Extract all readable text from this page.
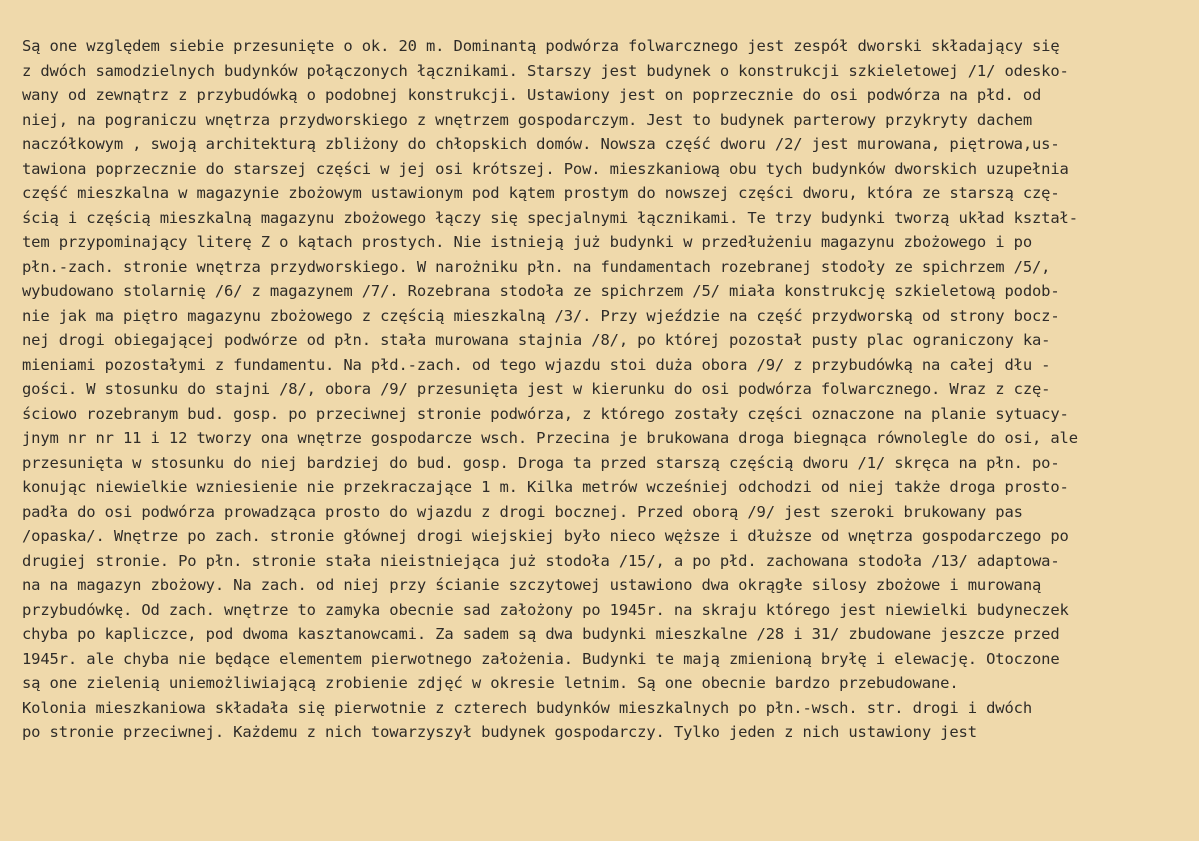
Są one względem siebie przesunięte o ok. 20 m. Dominantą podwórza folwarcznego jest zespół dworski składający się
z dwóch samodzielnych budynków połączonych łącznikami. Starszy jest budynek o konstrukcji szkieletowej /1/ odesko-
wany od zewnątrz z przybudówką o podobnej konstrukcji. Ustawiony jest on poprzecznie do osi podwórza na płd. od
niej, na pograniczu wnętrza przydworskiego z wnętrzem gospodarczym. Jest to budynek parterowy przykryty dachem
naczółkowym , swoją architekturą zbliżony do chłopskich domów. Nowsza część dworu /2/ jest murowana, piętrowa,us-
tawiona poprzecznie do starszej części w jej osi krótszej. Pow. mieszkaniową obu tych budynków dworskich uzupełnia
część mieszkalna w magazynie zbożowym ustawionym pod kątem prostym do nowszej części dworu, która ze starszą czę-
ścią i częścią mieszkalną magazynu zbożowego łączy się specjalnymi łącznikami. Te trzy budynki tworzą układ kształ-
tem przypominający literę Z o kątach prostych. Nie istnieją już budynki w przedłużeniu magazynu zbożowego i po
płn.-zach. stronie wnętrza przydworskiego. W narożniku płn. na fundamentach rozebranej stodoły ze spichrzem /5/,
wybudowano stolarnię /6/ z magazynem /7/. Rozebrana stodoła ze spichrzem /5/ miała konstrukcję szkieletową podob-
nie jak ma piętro magazynu zbożowego z częścią mieszkalną /3/. Przy wjeździe na część przydworską od strony bocz-
nej drogi obiegającej podwórze od płn. stała murowana stajnia /8/, po której pozostał pusty plac ograniczony ka-
mieniami pozostałymi z fundamentu. Na płd.-zach. od tego wjazdu stoi duża obora /9/ z przybudówką na całej dłu -
gości. W stosunku do stajni /8/, obora /9/ przesunięta jest w kierunku do osi podwórza folwarcznego. Wraz z czę-
ściowo rozebranym bud. gosp. po przeciwnej stronie podwórza, z którego zostały części oznaczone na planie sytuacy-
jnym nr nr 11 i 12 tworzy ona wnętrze gospodarcze wsch. Przecina je brukowana droga biegnąca równolegle do osi, ale
przesunięta w stosunku do niej bardziej do bud. gosp. Droga ta przed starszą częścią dworu /1/ skręca na płn. po-
konując niewielkie wzniesienie nie przekraczające 1 m. Kilka metrów wcześniej odchodzi od niej także droga prosto-
padła do osi podwórza prowadząca prosto do wjazdu z drogi bocznej. Przed oborą /9/ jest szeroki brukowany pas
/opaska/. Wnętrze po zach. stronie głównej drogi wiejskiej było nieco węższe i dłuższe od wnętrza gospodarczego po
drugiej stronie. Po płn. stronie stała nieistniejąca już stodoła /15/, a po płd. zachowana stodoła /13/ adaptowa-
na na magazyn zbożowy. Na zach. od niej przy ścianie szczytowej ustawiono dwa okrągłe silosy zbożowe i murowaną
przybudówkę. Od zach. wnętrze to zamyka obecnie sad założony po 1945r. na skraju którego jest niewielki budyneczek
chyba po kapliczce, pod dwoma kasztanowcami. Za sadem są dwa budynki mieszkalne /28 i 31/ zbudowane jeszcze przed
1945r. ale chyba nie będące elementem pierwotnego założenia. Budynki te mają zmienioną bryłę i elewację. Otoczone
są one zielenią uniemożliwiającą zrobienie zdjęć w okresie letnim. Są one obecnie bardzo przebudowane.
Kolonia mieszkaniowa składała się pierwotnie z czterech budynków mieszkalnych po płn.-wsch. str. drogi i dwóch
po stronie przeciwnej. Każdemu z nich towarzyszył budynek gospodarczy. Tylko jeden z nich ustawiony jest
